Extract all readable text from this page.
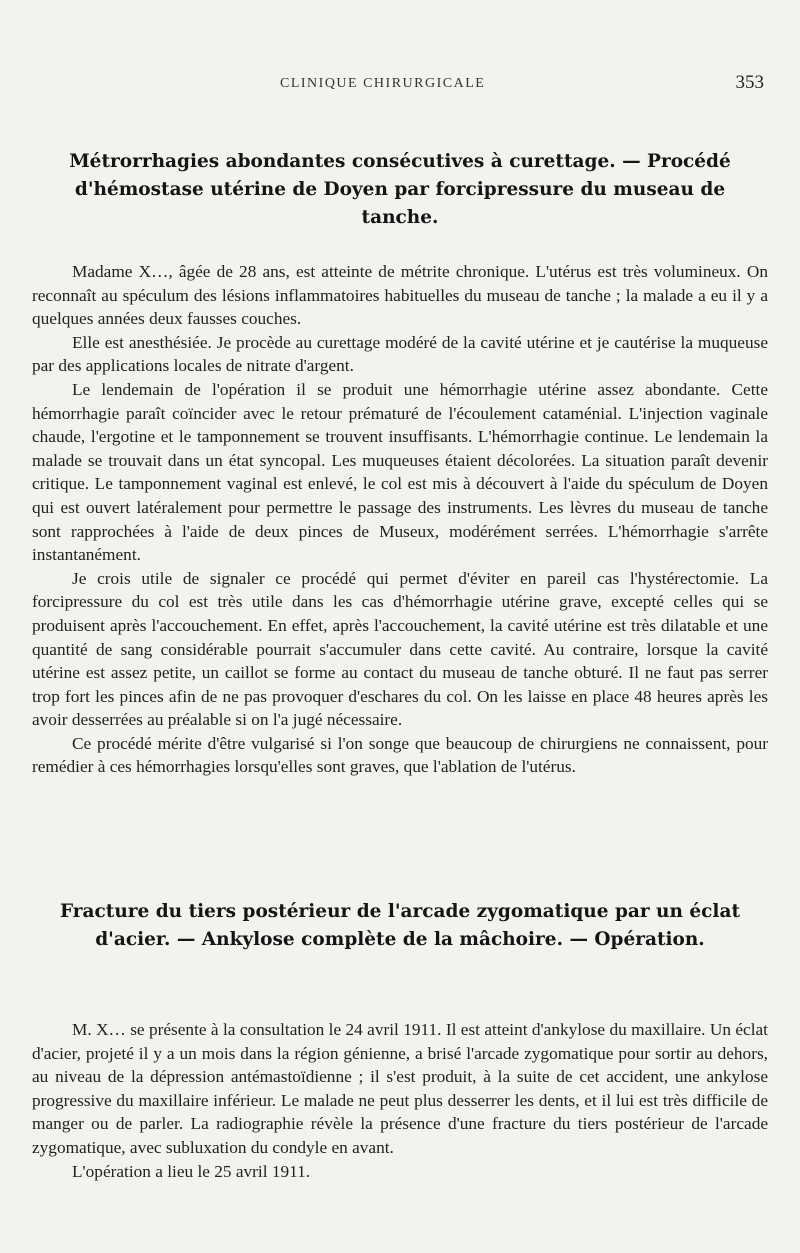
CLINIQUE CHIRURGICALE	353
Métrorrhagies abondantes consécutives à curettage. — Procédé d'hémostase utérine de Doyen par forcipressure du museau de tanche.

Madame X…, âgée de 28 ans, est atteinte de métrite chronique. L'utérus est très volumineux. On reconnaît au spéculum des lésions inflammatoires habituelles du museau de tanche ; la malade a eu il y a quelques années deux fausses couches.

Elle est anesthésiée. Je procède au curettage modéré de la cavité utérine et je cautérise la muqueuse par des applications locales de nitrate d'argent.

Le lendemain de l'opération il se produit une hémorrhagie utérine assez abondante. Cette hémorrhagie paraît coïncider avec le retour prématuré de l'écoulement cataménial. L'injection vaginale chaude, l'ergotine et le tamponnement se trouvent insuffisants. L'hémorrhagie continue. Le lendemain la malade se trouvait dans un état syncopal. Les muqueuses étaient décolorées. La situation paraît devenir critique. Le tamponnement vaginal est enlevé, le col est mis à découvert à l'aide du spéculum de Doyen qui est ouvert latéralement pour permettre le passage des instruments. Les lèvres du museau de tanche sont rapprochées à l'aide de deux pinces de Museux, modérément serrées. L'hémorrhagie s'arrête instantanément.

Je crois utile de signaler ce procédé qui permet d'éviter en pareil cas l'hystérectomie. La forcipressure du col est très utile dans les cas d'hémorrhagie utérine grave, excepté celles qui se produisent après l'accouchement. En effet, après l'accouchement, la cavité utérine est très dilatable et une quantité de sang considérable pourrait s'accumuler dans cette cavité. Au contraire, lorsque la cavité utérine est assez petite, un caillot se forme au contact du museau de tanche obturé. Il ne faut pas serrer trop fort les pinces afin de ne pas provoquer d'eschares du col. On les laisse en place 48 heures après les avoir desserrées au préalable si on l'a jugé nécessaire.

Ce procédé mérite d'être vulgarisé si l'on songe que beaucoup de chirurgiens ne connaissent, pour remédier à ces hémorrhagies lorsqu'elles sont graves, que l'ablation de l'utérus.

Fracture du tiers postérieur de l'arcade zygomatique par un éclat d'acier. — Ankylose complète de la mâchoire. — Opération.

M. X… se présente à la consultation le 24 avril 1911. Il est atteint d'ankylose du maxillaire. Un éclat d'acier, projeté il y a un mois dans la région génienne, a brisé l'arcade zygomatique pour sortir au dehors, au niveau de la dépression antémastoïdienne ; il s'est produit, à la suite de cet accident, une ankylose progressive du maxillaire inférieur. Le malade ne peut plus desserrer les dents, et il lui est très difficile de manger ou de parler. La radiographie révèle la présence d'une fracture du tiers postérieur de l'arcade zygomatique, avec subluxation du condyle en avant.

L'opération a lieu le 25 avril 1911.
